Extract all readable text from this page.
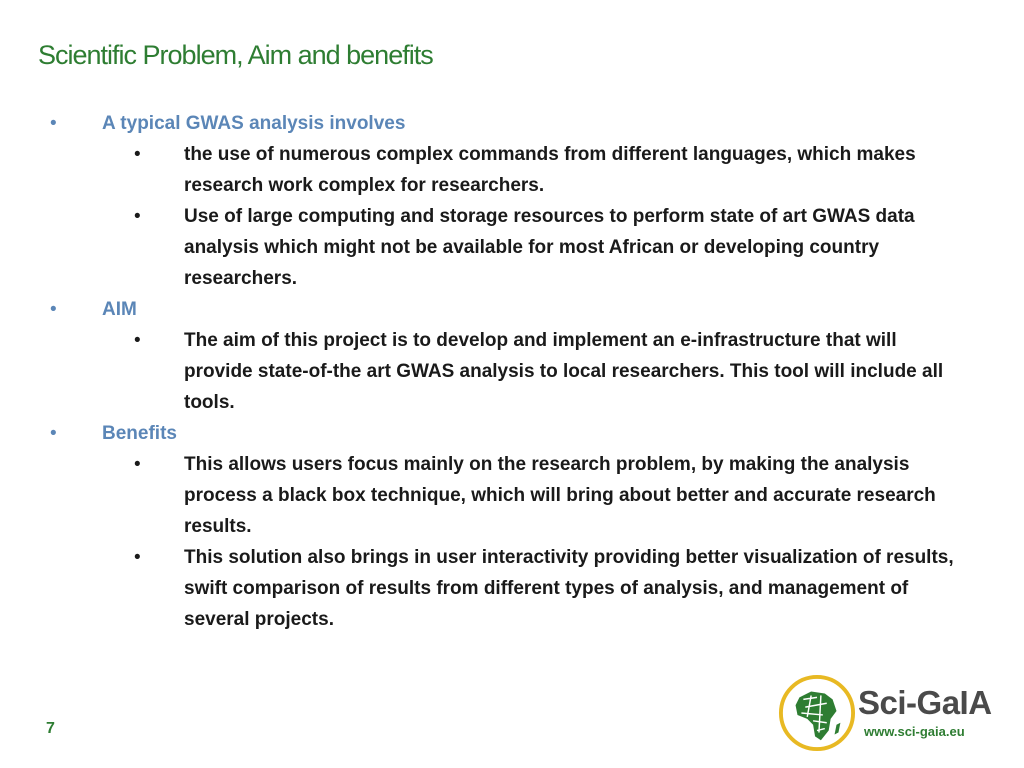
Scientific Problem, Aim and benefits
• A typical GWAS analysis involves
• the use of numerous complex commands from different languages, which makes research work complex for researchers.
• Use of large computing and storage resources to perform state of art GWAS data analysis which might not be available for most African or developing country researchers.
• AIM
• The aim of this project is to develop and implement an e-infrastructure that will provide state-of-the art GWAS analysis to local researchers. This tool will include all tools.
• Benefits
• This allows users focus mainly on the research problem, by making the analysis process a black box technique, which will bring about better and accurate research results.
• This solution also brings in user interactivity providing better visualization of results, swift comparison of results from different types of analysis, and management of several projects.
7
Sci-GaIA
www.sci-gaia.eu
